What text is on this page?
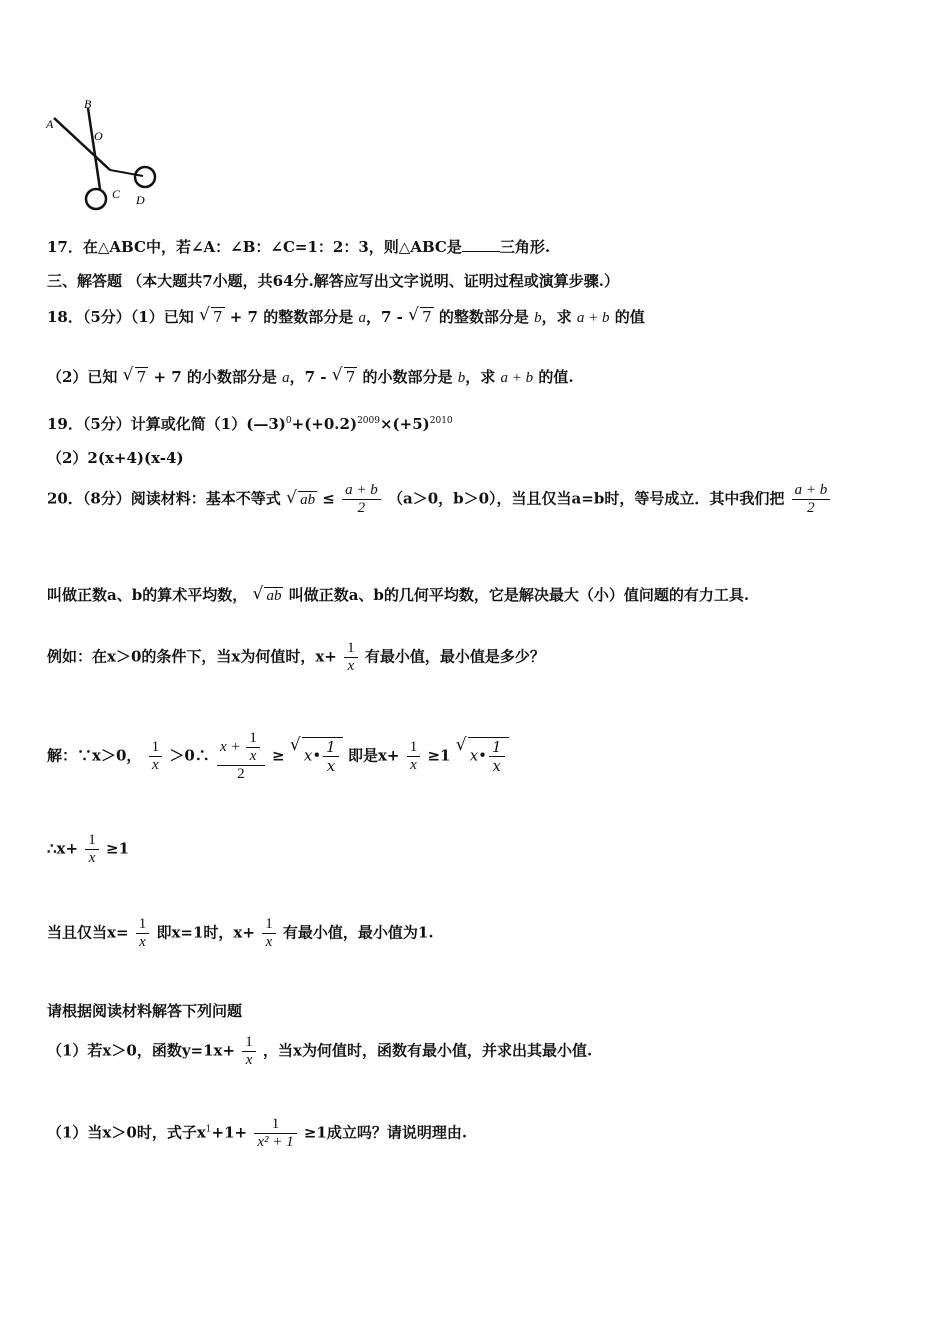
A
B
O
C D
17．在△ABC中，若∠A：∠B：∠C=1：2：3，则△ABC是	三角形.
三、解答题 （本大题共7小题，共64分.解答应写出文字说明、证明过程或演算步骤.）
18．（5分）（1）已知 √ 7 + 7 的整数部分是 a，7 - √ 7 的整数部分是 b，求 a + b 的值
（2）已知 √ 7 + 7 的小数部分是 a，7 - √ 7 的小数部分是 b，求 a + b 的值.
19．（5分）计算或化简$(1)(—3)^0+(+0.2)^{2009}\times(+5)^{2010}$
（2）2(x+4)(x-4)
20．（8分）阅读材料：基本不等式 √ ab ≤ $\frac{a + b}{2} (a>0$，b＞0），当且仅当a=b时，等号成立．其中我们把 $\frac{a + b}{2}$
叫做正数a、b的算术平均数， √ ab 叫做正数a、b的几何平均数，它是解决最大（小）值问题的有力工具.
例如：在x＞0的条件下，当x为何值时，$x+ \frac{1}{x}$ 有最小值，最小值是多少？
解：∵x＞0， $\frac{1}{x}$ ＞0∴ $\frac{x + \frac{1}{x}}{2}$ ≥ √ x• $\frac{1}{x}$ 即是$x+ \frac{1}{x} \ge 1$ √ x• $\frac{1}{x}$
∴x+ $\frac{1}{x} \ge 1$
当且仅当$x= \frac{1}{x}$ 即x=1时，$x+ \frac{1}{x}$ 有最小值，最小值为1.
请根据阅读材料解答下列问题
（1）若x＞0，函数$y=1x+ \frac{1}{x}$ ，当x为何值时，函数有最小值，并求出其最小值.
（1）当x＞0时，式子$x^1+1+ \frac{1}{\text{x² + 1}} \ge 1$成立吗？请说明理由.
